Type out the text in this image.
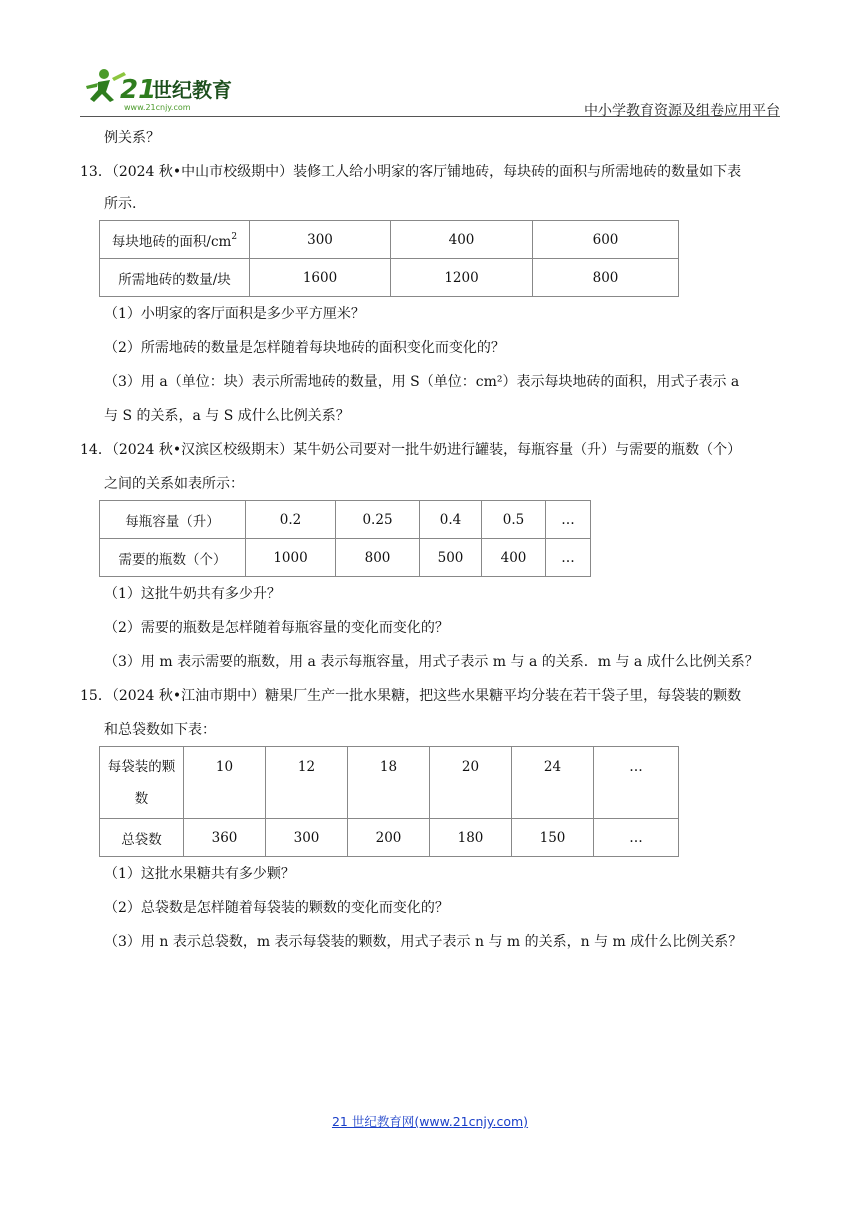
21
世纪教育
www.21cnjy.com	中小学教育资源及组卷应用平台
例关系？
13．（2024 秋•中山市校级期中）装修工人给小明家的客厅铺地砖，每块砖的面积与所需地砖的数量如下表
所示.
每块地砖的面积$/cm^2$	300	400	600
所需地砖的数量/块	1600	1200	800
（1）小明家的客厅面积是多少平方厘米？
（2）所需地砖的数量是怎样随着每块地砖的面积变化而变化的？
（3）用 a（单位：块）表示所需地砖的数量，用 S（单位：cm²）表示每块地砖的面积，用式子表示 a
与 S 的关系，a 与 S 成什么比例关系？
14．（2024 秋•汉滨区校级期末）某牛奶公司要对一批牛奶进行罐装，每瓶容量（升）与需要的瓶数（个）
之间的关系如表所示：
每瓶容量（升）	0.2	0.25	0.4	0.5	…
需要的瓶数（个）	1000	800	500	400	…
（1）这批牛奶共有多少升？
（2）需要的瓶数是怎样随着每瓶容量的变化而变化的？
（3）用 m 表示需要的瓶数，用 a 表示每瓶容量，用式子表示 m 与 a 的关系．m 与 a 成什么比例关系？
15．（2024 秋•江油市期中）糖果厂生产一批水果糖，把这些水果糖平均分装在若干袋子里，每袋装的颗数
和总袋数如下表：
每袋装的颗
数	10	12	18	20	24	…
总袋数	360	300	200	180	150	…
（1）这批水果糖共有多少颗？
（2）总袋数是怎样随着每袋装的颗数的变化而变化的？
（3）用 n 表示总袋数，m 表示每袋装的颗数，用式子表示 n 与 m 的关系，n 与 m 成什么比例关系？
21 世纪教育网(www.21cnjy.com)
